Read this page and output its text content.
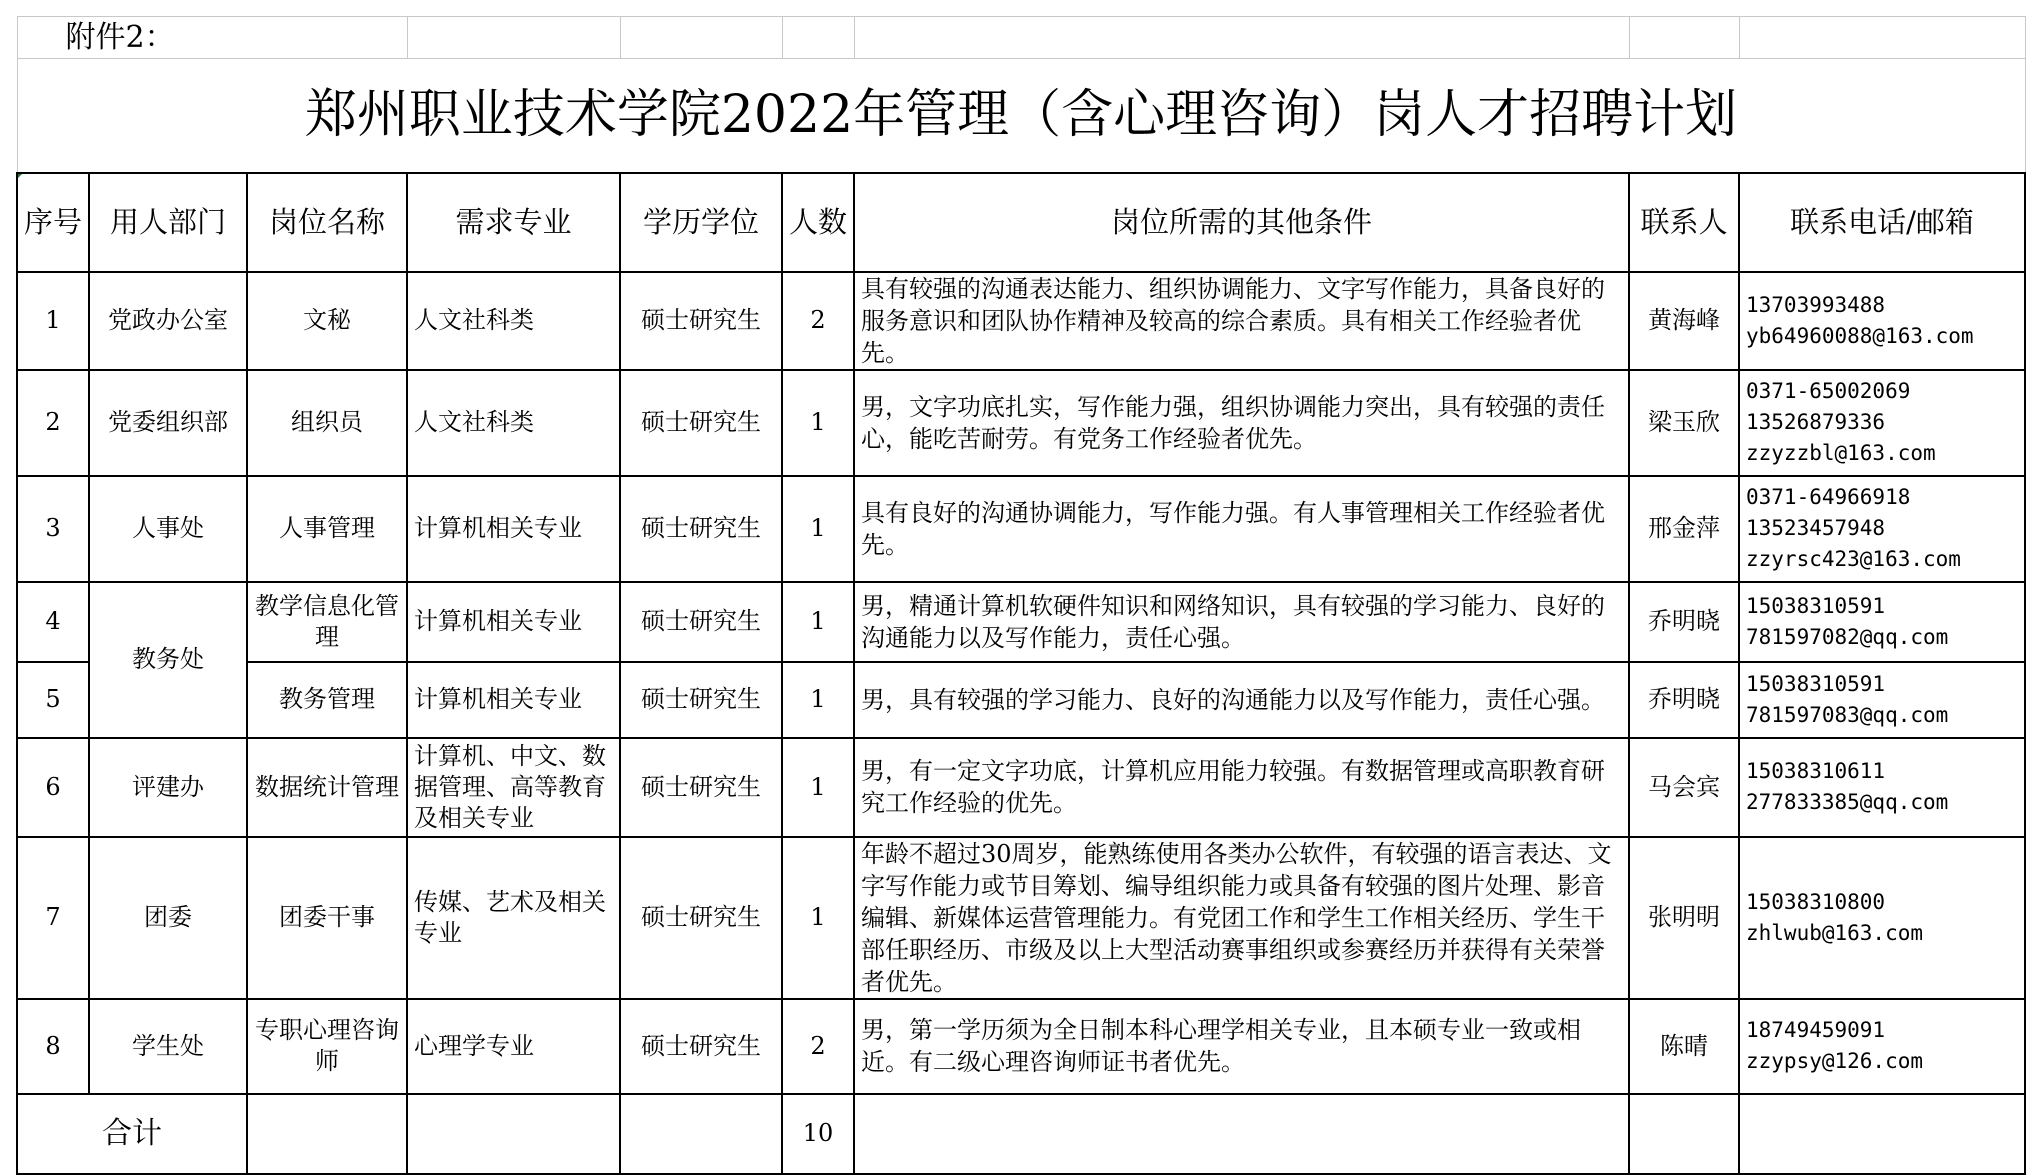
附件2：								
郑州职业技术学院2022年管理（含心理咨询）岗人才招聘计划								
序号	用人部门	岗位名称	需求专业	学历学位	人数	岗位所需的其他条件	联系人	联系电话/邮箱
1	党政办公室	文秘	人文社科类	硕士研究生	2	具有较强的沟通表达能力、组织协调能力、文字写作能力，具备良好的服务意识和团队协作精神及较高的综合素质。具有相关工作经验者优先。	黄海峰	13703993488
yb64960088@163.com
2	党委组织部	组织员	人文社科类	硕士研究生	1	男，文字功底扎实，写作能力强，组织协调能力突出，具有较强的责任心，能吃苦耐劳。有党务工作经验者优先。	梁玉欣	0371-65002069
13526879336
zzyzzbl@163.com
3	人事处	人事管理	计算机相关专业	硕士研究生	1	具有良好的沟通协调能力，写作能力强。有人事管理相关工作经验者优先。	邢金萍	0371-64966918
13523457948
zzyrsc423@163.com
4	教务处	教学信息化管理	计算机相关专业	硕士研究生	1	男，精通计算机软硬件知识和网络知识，具有较强的学习能力、良好的沟通能力以及写作能力，责任心强。	乔明晓	15038310591
781597082@qq.com
5		教务管理	计算机相关专业	硕士研究生	1	男，具有较强的学习能力、良好的沟通能力以及写作能力，责任心强。	乔明晓	15038310591
781597083@qq.com
6	评建办	数据统计管理	计算机、中文、数据管理、高等教育及相关专业	硕士研究生	1	男，有一定文字功底，计算机应用能力较强。有数据管理或高职教育研究工作经验的优先。	马会宾	15038310611
277833385@qq.com
7	团委	团委干事	传媒、艺术及相关专业	硕士研究生	1	年龄不超过30周岁，能熟练使用各类办公软件，有较强的语言表达、文字写作能力或节目筹划、编导组织能力或具备有较强的图片处理、影音编辑、新媒体运营管理能力。有党团工作和学生工作相关经历、学生干部任职经历、市级及以上大型活动赛事组织或参赛经历并获得有关荣誉者优先。	张明明	15038310800
zhlwub@163.com
8	学生处	专职心理咨询师	心理学专业	硕士研究生	2	男，第一学历须为全日制本科心理学相关专业，且本硕专业一致或相近。有二级心理咨询师证书者优先。	陈晴	18749459091
zzypsy@126.com
合计					10			
